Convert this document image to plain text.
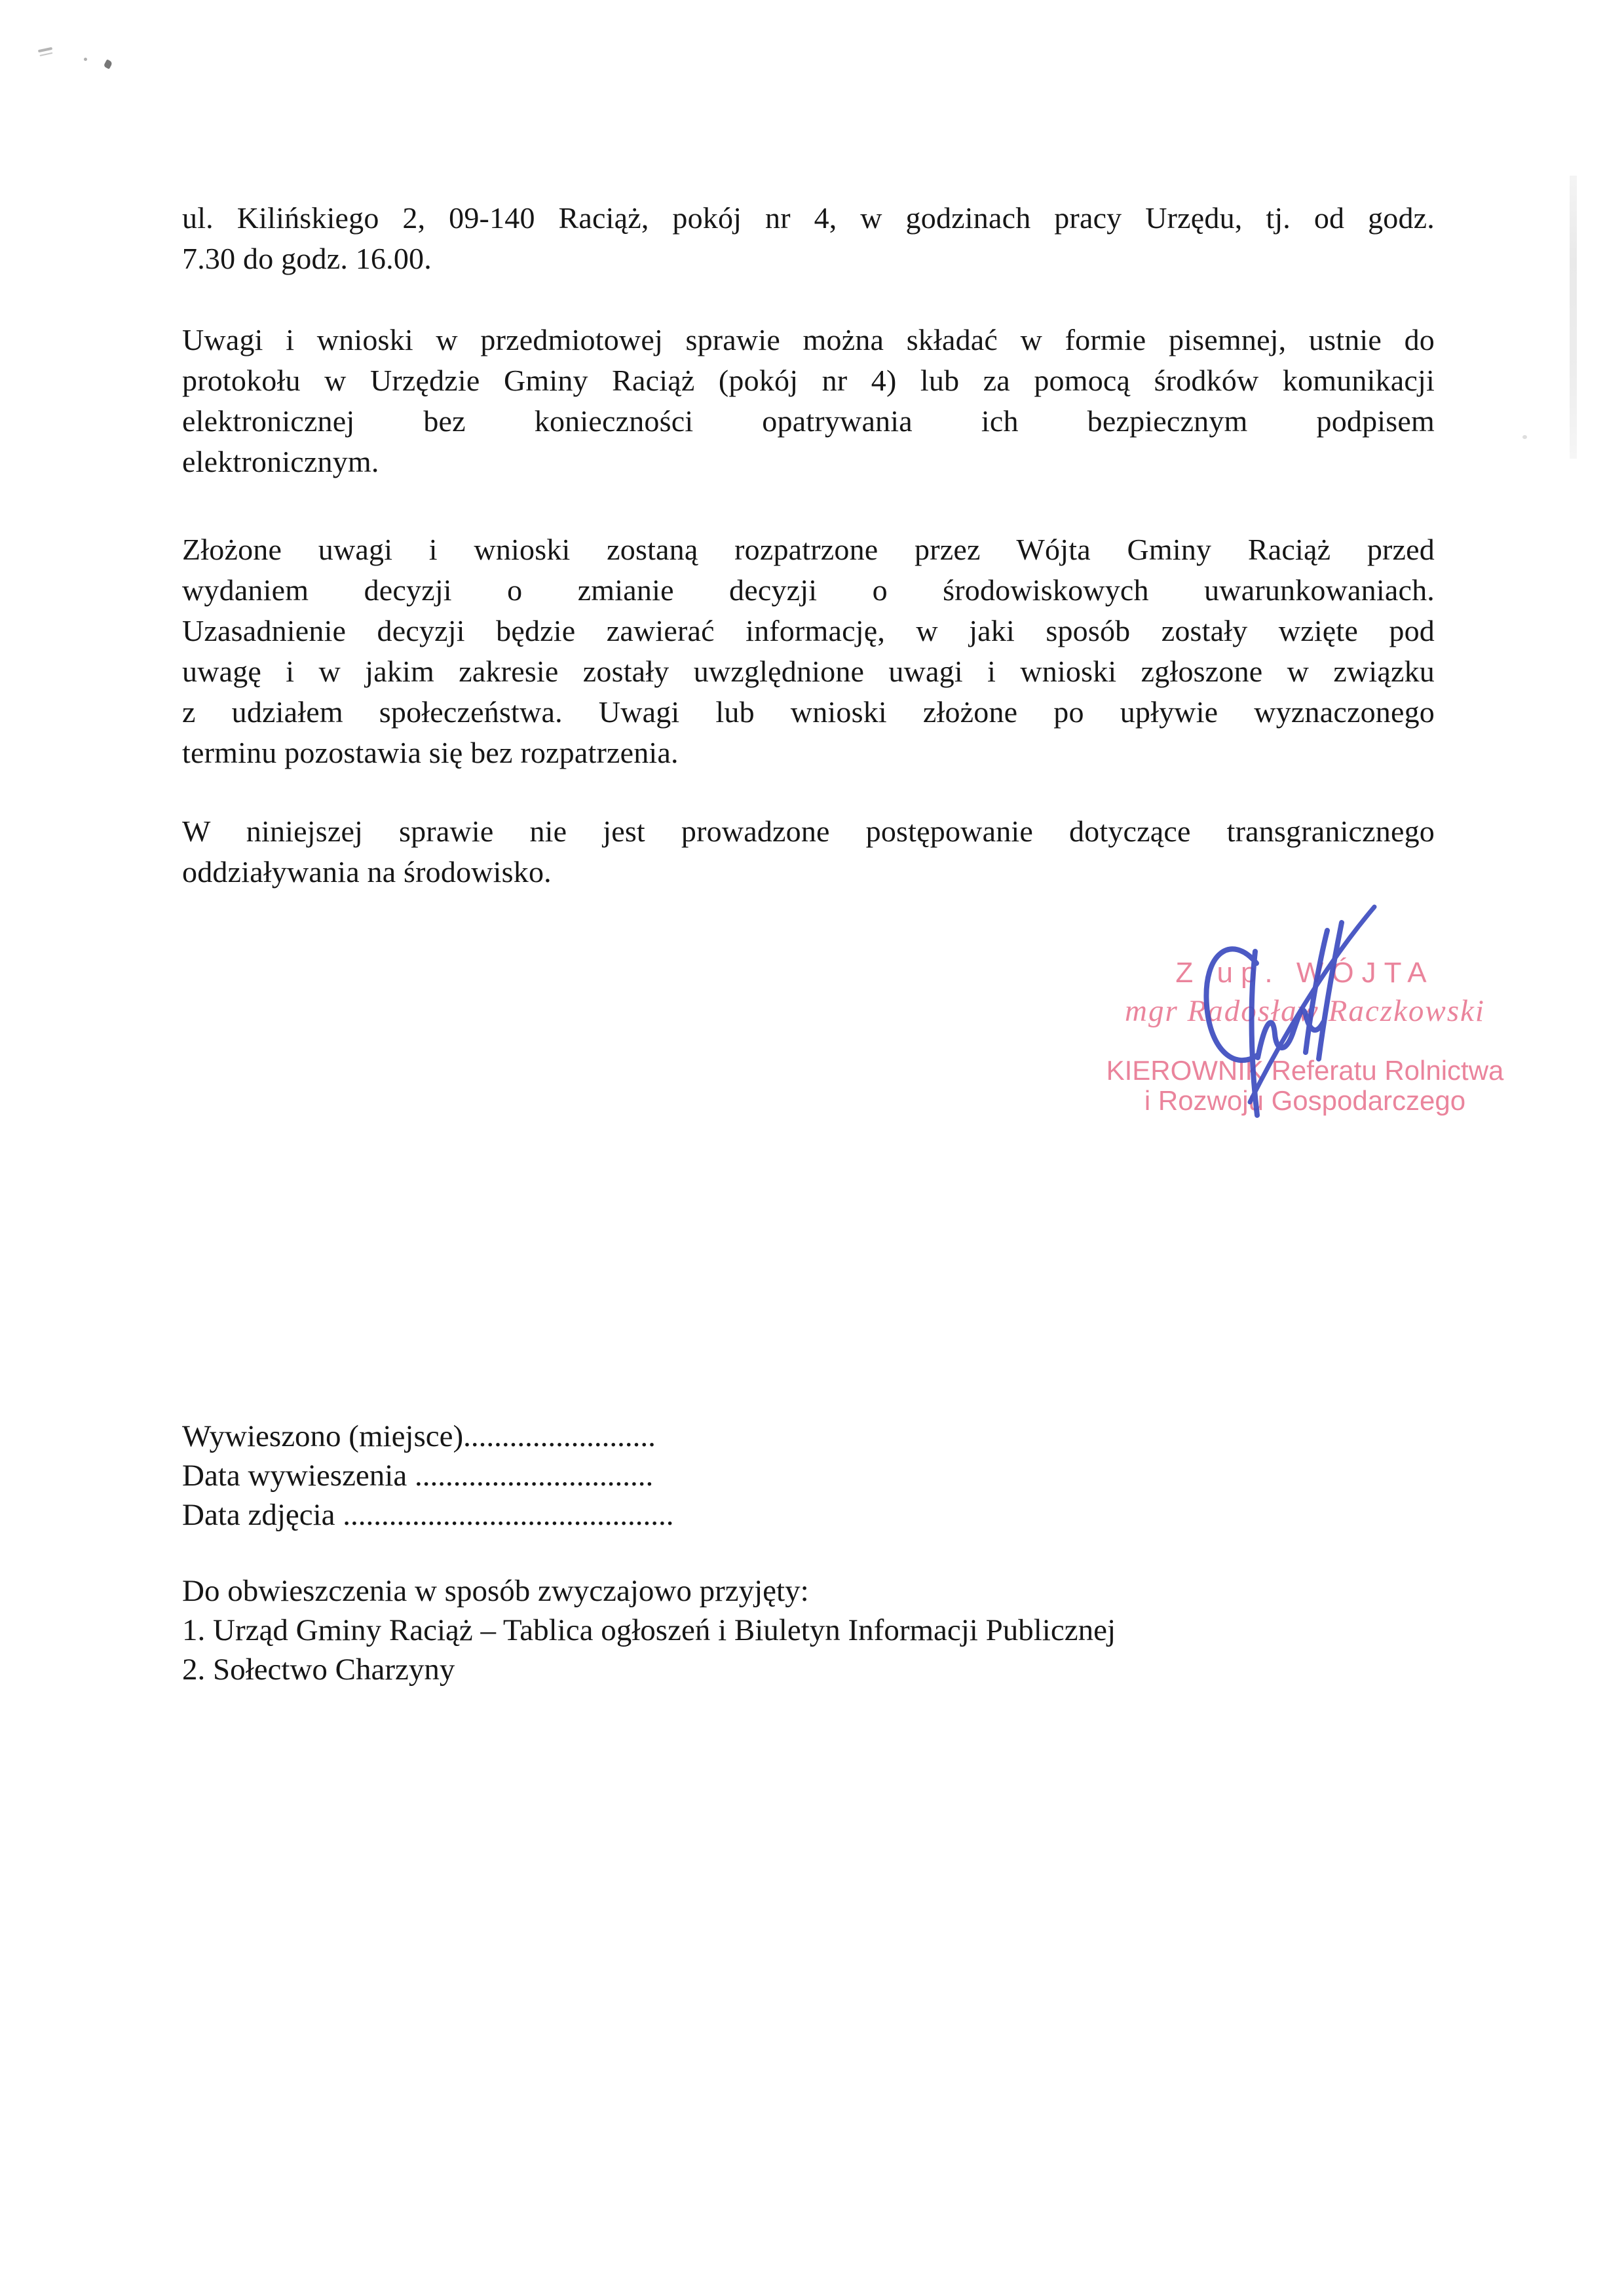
ul. Kilińskiego 2, 09-140 Raciąż, pokój nr 4, w godzinach pracy Urzędu, tj. od godz.
7.30 do godz. 16.00.
Uwagi i wnioski w przedmiotowej sprawie można składać w formie pisemnej, ustnie do
protokołu w Urzędzie Gminy Raciąż (pokój nr 4) lub za pomocą środków komunikacji
elektronicznej bez konieczności opatrywania ich bezpiecznym podpisem
elektronicznym.
Złożone uwagi i wnioski zostaną rozpatrzone przez Wójta Gminy Raciąż przed
wydaniem decyzji o zmianie decyzji o środowiskowych uwarunkowaniach.
Uzasadnienie decyzji będzie zawierać informację, w jaki sposób zostały wzięte pod
uwagę i w jakim zakresie zostały uwzględnione uwagi i wnioski zgłoszone w związku
z udziałem społeczeństwa. Uwagi lub wnioski złożone po upływie wyznaczonego
terminu pozostawia się bez rozpatrzenia.
W niniejszej sprawie nie jest prowadzone postępowanie dotyczące transgranicznego
oddziaływania na środowisko.
Z up. WÓJTA
mgr Radosław Raczkowski
KIEROWNIK Referatu Rolnictwa
i Rozwoju Gospodarczego
Wywieszono (miejsce).........................
Data wywieszenia ...............................
Data zdjęcia ...........................................
Do obwieszczenia w sposób zwyczajowo przyjęty:
1. Urząd Gminy Raciąż – Tablica ogłoszeń i Biuletyn Informacji Publicznej
2. Sołectwo Charzyny
